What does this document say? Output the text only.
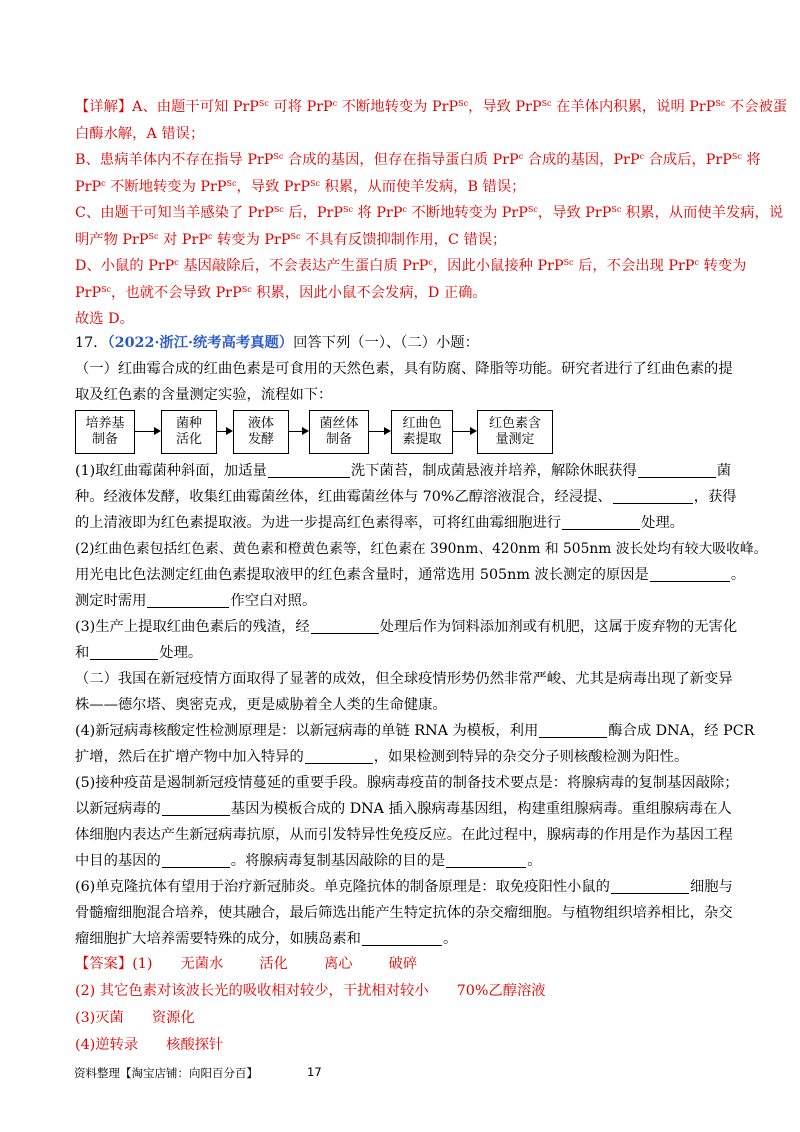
【详解】A、由题干可知 PrP$^{Sc}$ 可将 PrP$^c$ 不断地转变为 PrP$^{Sc}$，导致 PrP$^{Sc}$ 在羊体内积累，说明 PrP$^{Sc}$ 不会被蛋
白酶水解，A 错误；
B、患病羊体内不存在指导 PrP$^{Sc}$ 合成的基因，但存在指导蛋白质 PrP$^c$ 合成的基因，PrP$^c$ 合成后，PrP$^{Sc}$ 将
PrP$^c$ 不断地转变为 PrP$^{Sc}$，导致 PrP$^{Sc}$ 积累，从而使羊发病，B 错误；
C、由题干可知当羊感染了 PrP$^{Sc}$ 后，PrP$^{Sc}$ 将 PrP$^c$ 不断地转变为 PrP$^{Sc}$，导致 PrP$^{Sc}$ 积累，从而使羊发病，说
明产物 PrP$^{Sc}$ 对 PrP$^c$ 转变为 PrP$^{Sc}$ 不具有反馈抑制作用，C 错误；
D、小鼠的 PrP$^c$ 基因敲除后，不会表达产生蛋白质 PrP$^c$，因此小鼠接种 PrP$^{Sc}$ 后，不会出现 PrP$^c$ 转变为
PrP$^{Sc}$，也就不会导致 PrP$^{Sc}$ 积累，因此小鼠不会发病，D 正确。
故选 D。
17．（2022·浙江·统考高考真题）回答下列（一）、（二）小题：
（一）红曲霉合成的红曲色素是可食用的天然色素，具有防腐、降脂等功能。研究者进行了红曲色素的提
取及红色素的含量测定实验，流程如下：
培养基
制备
菌种
活化
液体
发酵
菌丝体
制备
红曲色
素提取
红色素含
量测定
(1)取红曲霉菌种斜面，加适量	洗下菌苔，制成菌悬液并培养，解除休眠获得	菌
种。经液体发酵，收集红曲霉菌丝体，红曲霉菌丝体与 70%乙醇溶液混合，经浸提、	，获得
的上清液即为红色素提取液。为进一步提高红色素得率，可将红曲霉细胞进行	处理。
(2)红曲色素包括红色素、黄色素和橙黄色素等，红色素在 390nm、420nm 和 505nm 波长处均有较大吸收峰。
用光电比色法测定红曲色素提取液甲的红色素含量时，通常选用 505nm 波长测定的原因是	。
测定时需用	作空白对照。
(3)生产上提取红曲色素后的残渣，经	处理后作为饲料添加剂或有机肥，这属于废弃物的无害化
和	处理。
（二）我国在新冠疫情方面取得了显著的成效，但全球疫情形势仍然非常严峻、尤其是病毒出现了新变异
株——德尔塔、奥密克戎，更是威胁着全人类的生命健康。
(4)新冠病毒核酸定性检测原理是：以新冠病毒的单链 RNA 为模板，利用	酶合成 DNA，经 PCR
扩增，然后在扩增产物中加入特异的	，如果检测到特异的杂交分子则核酸检测为阳性。
(5)接种疫苗是遏制新冠疫情蔓延的重要手段。腺病毒疫苗的制备技术要点是：将腺病毒的复制基因敲除；
以新冠病毒的	基因为模板合成的 DNA 插入腺病毒基因组，构建重组腺病毒。重组腺病毒在人
体细胞内表达产生新冠病毒抗原，从而引发特异性免疫反应。在此过程中，腺病毒的作用是作为基因工程
中目的基因的	。将腺病毒复制基因敲除的目的是	。
(6)单克隆抗体有望用于治疗新冠肺炎。单克隆抗体的制备原理是：取免疫阳性小鼠的	细胞与
骨髓瘤细胞混合培养，使其融合，最后筛选出能产生特定抗体的杂交瘤细胞。与植物组织培养相比，杂交
瘤细胞扩大培养需要特殊的成分，如胰岛素和	。
【答案】(1) 无菌水	活化	离心	破碎
(2) 其它色素对该波长光的吸收相对较少，干扰相对较小 70%乙醇溶液
(3)灭菌 资源化
(4)逆转录 核酸探针
资料整理【淘宝店铺：向阳百分百】	17
